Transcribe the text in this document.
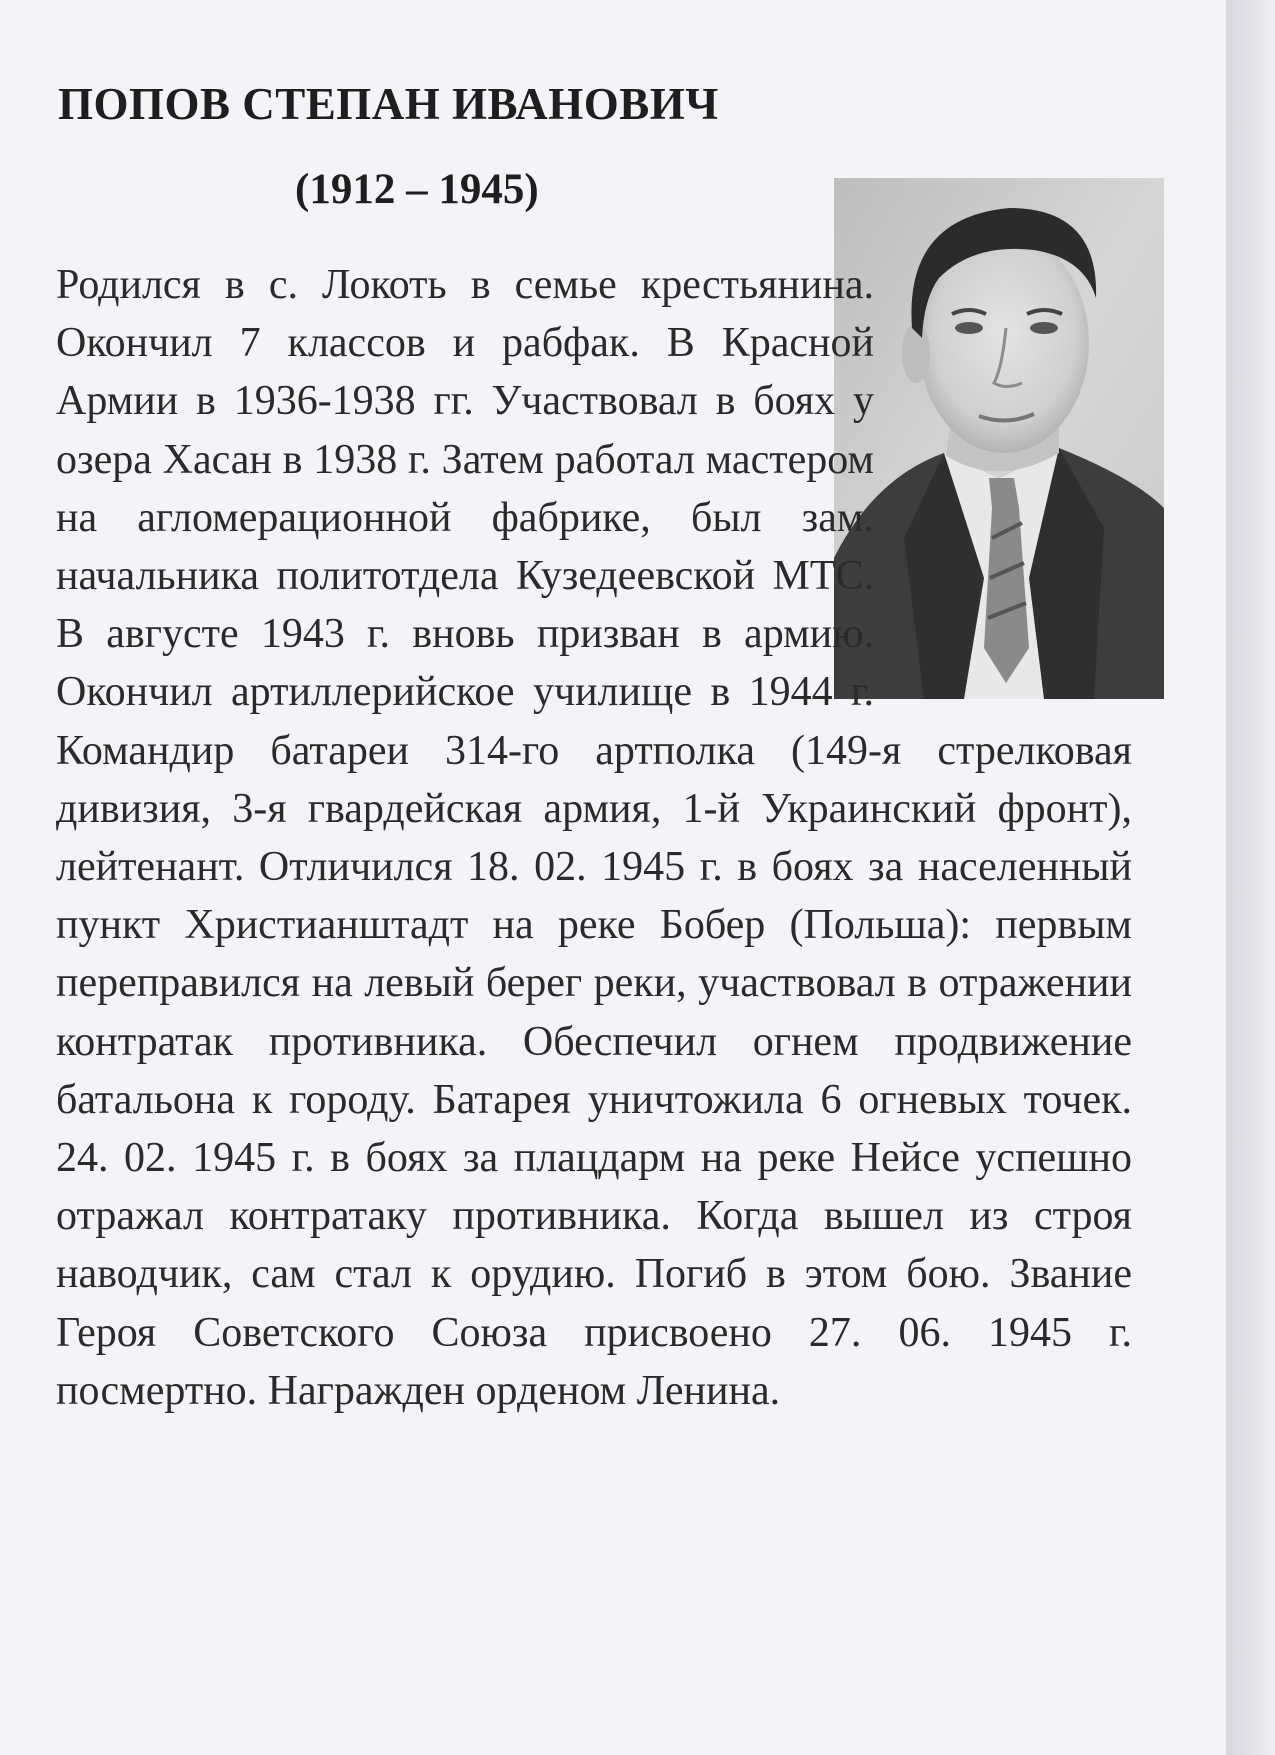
ПОПОВ СТЕПАН ИВАНОВИЧ
(1912 – 1945)

Родился в с. Локоть в семье крестьянина. Окончил 7 классов и рабфак. В Красной Армии в 1936-1938 гг. Участвовал в боях у озера Хасан в 1938 г. Затем работал мастером на агломерационной фабрике, был зам. начальника политотдела Кузедеевской МТС. В августе 1943 г. вновь призван в армию. Окончил артиллерийское училище в 1944 г. Командир батареи 314-го артполка (149-я стрелковая дивизия, 3-я гвардейская армия, 1-й Украинский фронт), лейтенант. Отличился 18. 02. 1945 г. в боях за населенный пункт Христианштадт на реке Бобер (Польша): первым переправился на левый берег реки, участвовал в отражении контратак противника. Обеспечил огнем продвижение батальона к городу. Батарея уничтожила 6 огневых точек. 24. 02. 1945 г. в боях за плацдарм на реке Нейсе успешно отражал контратаку противника. Когда вышел из строя наводчик, сам стал к орудию. Погиб в этом бою. Звание Героя Советского Союза присвоено 27. 06. 1945 г. посмертно. Награжден орденом Ленина.
